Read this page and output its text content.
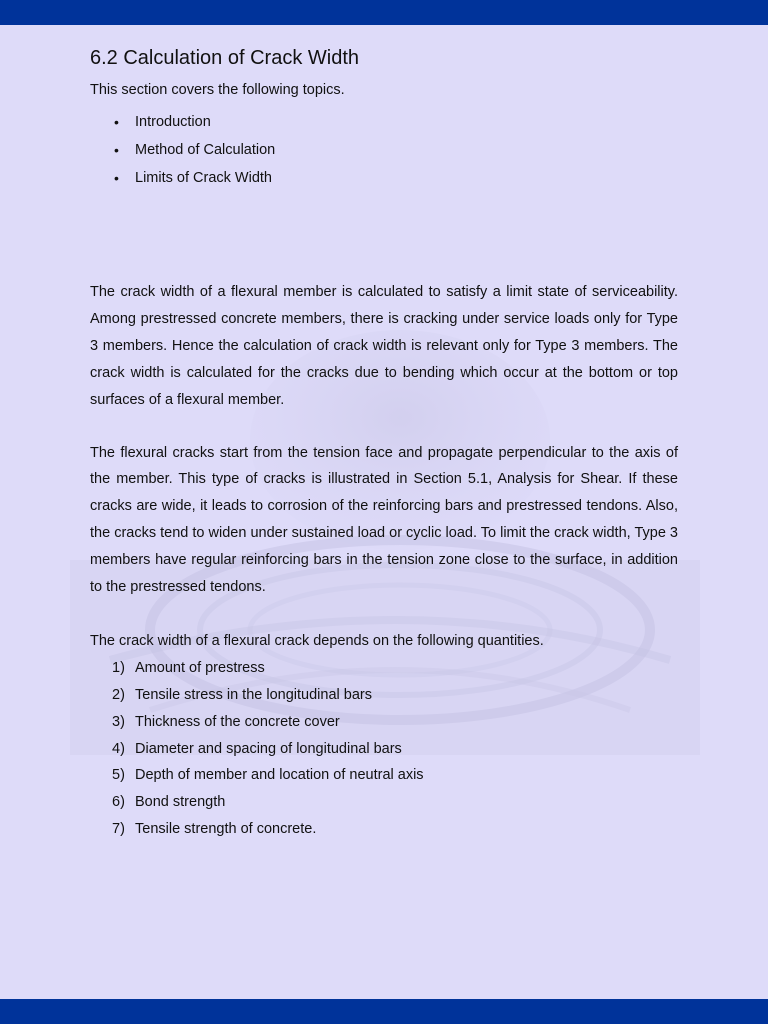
6.2 Calculation of Crack Width
This section covers the following topics.
• Introduction
• Method of Calculation
• Limits of Crack Width

The crack width of a flexural member is calculated to satisfy a limit state of serviceability. Among prestressed concrete members, there is cracking under service loads only for Type 3 members. Hence the calculation of crack width is relevant only for Type 3 members. The crack width is calculated for the cracks due to bending which occur at the bottom or top surfaces of a flexural member.

The flexural cracks start from the tension face and propagate perpendicular to the axis of the member. This type of cracks is illustrated in Section 5.1, Analysis for Shear. If these cracks are wide, it leads to corrosion of the reinforcing bars and prestressed tendons. Also, the cracks tend to widen under sustained load or cyclic load. To limit the crack width, Type 3 members have regular reinforcing bars in the tension zone close to the surface, in addition to the prestressed tendons.

The crack width of a flexural crack depends on the following quantities.

1) Amount of prestress
2) Tensile stress in the longitudinal bars
3) Thickness of the concrete cover
4) Diameter and spacing of longitudinal bars
5) Depth of member and location of neutral axis
6) Bond strength
7) Tensile strength of concrete.
